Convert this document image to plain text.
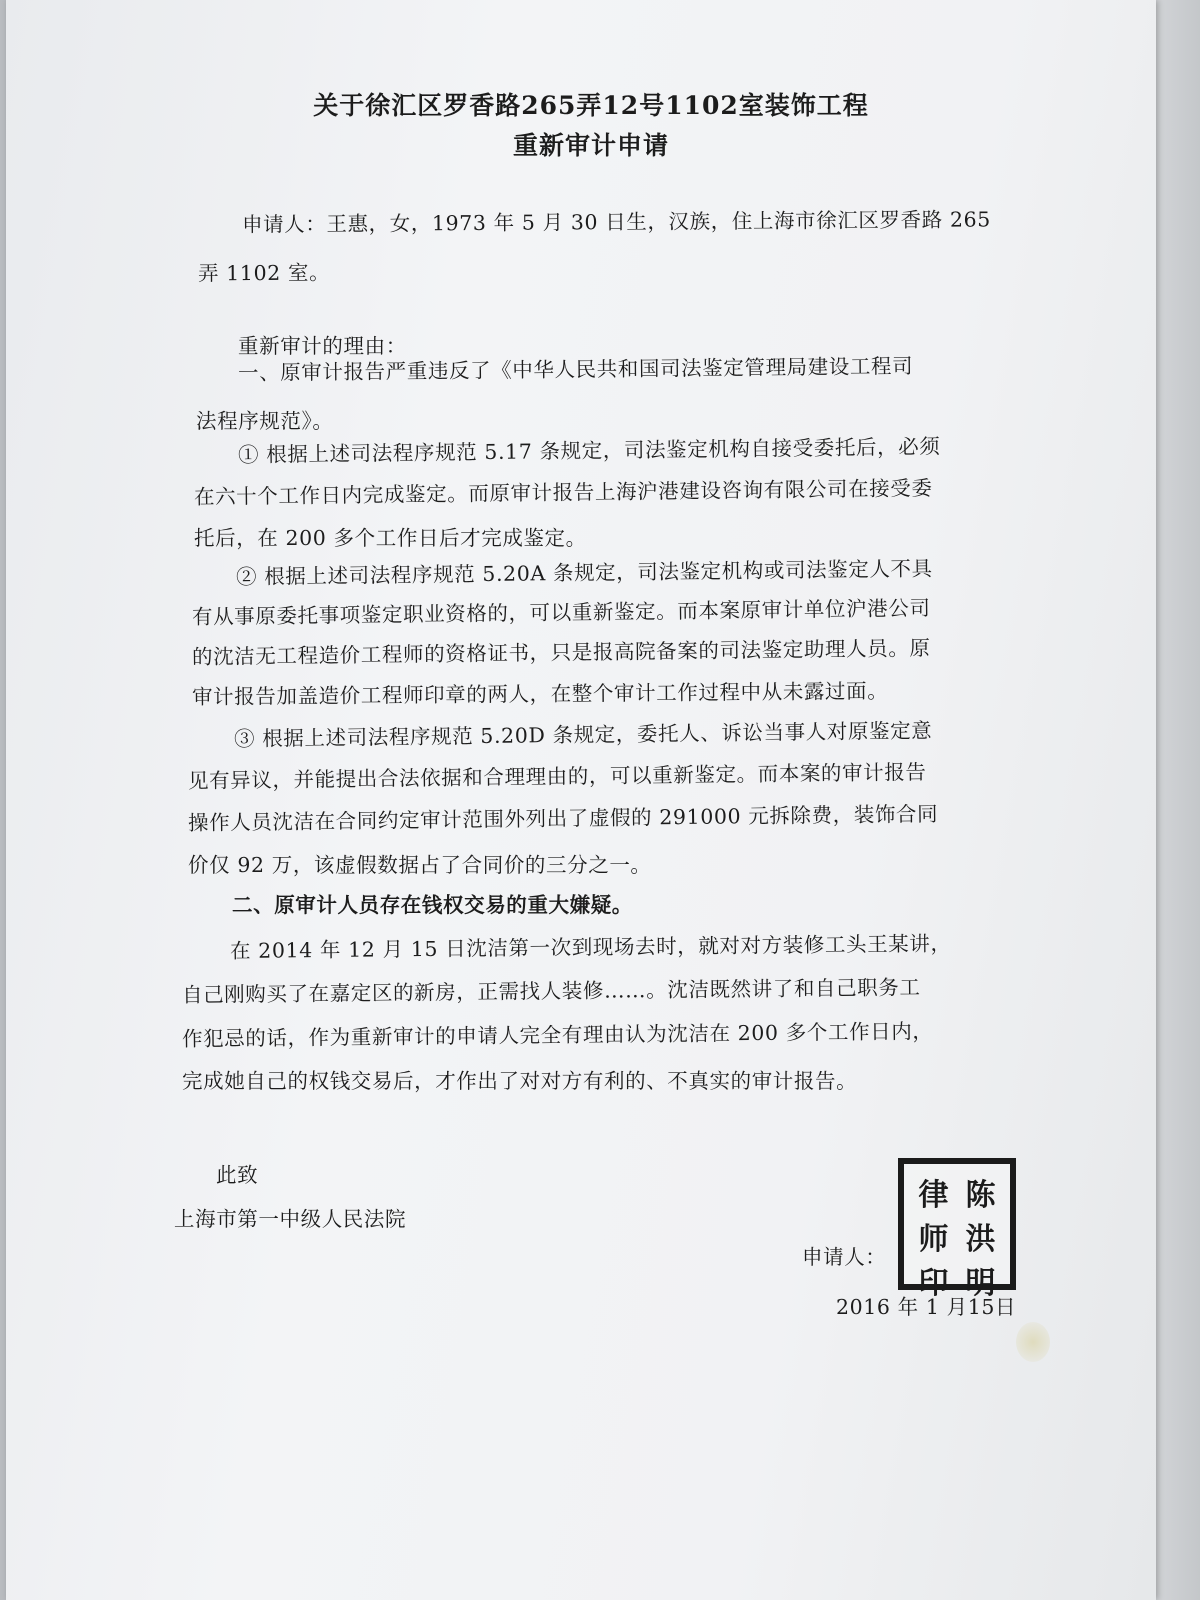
关于徐汇区罗香路265弄12号1102室装饰工程
重新审计申请
申请人：王惠，女，1973 年 5 月 30 日生，汉族，住上海市徐汇区罗香路 265
弄 1102 室。
重新审计的理由：
一、原审计报告严重违反了《中华人民共和国司法鉴定管理局建设工程司
法程序规范》。
① 根据上述司法程序规范 5.17 条规定，司法鉴定机构自接受委托后，必须
在六十个工作日内完成鉴定。而原审计报告上海沪港建设咨询有限公司在接受委
托后，在 200 多个工作日后才完成鉴定。
② 根据上述司法程序规范 5.20A 条规定，司法鉴定机构或司法鉴定人不具
有从事原委托事项鉴定职业资格的，可以重新鉴定。而本案原审计单位沪港公司
的沈洁无工程造价工程师的资格证书，只是报高院备案的司法鉴定助理人员。原
审计报告加盖造价工程师印章的两人，在整个审计工作过程中从未露过面。
③ 根据上述司法程序规范 5.20D 条规定，委托人、诉讼当事人对原鉴定意
见有异议，并能提出合法依据和合理理由的，可以重新鉴定。而本案的审计报告
操作人员沈洁在合同约定审计范围外列出了虚假的 291000 元拆除费，装饰合同
价仅 92 万，该虚假数据占了合同价的三分之一。
二、原审计人员存在钱权交易的重大嫌疑。
在 2014 年 12 月 15 日沈洁第一次到现场去时，就对对方装修工头王某讲，
自己刚购买了在嘉定区的新房，正需找人装修……。沈洁既然讲了和自己职务工
作犯忌的话，作为重新审计的申请人完全有理由认为沈洁在 200 多个工作日内，
完成她自己的权钱交易后，才作出了对对方有利的、不真实的审计报告。
此致
上海市第一中级人民法院
申请人：
2016 年 1 月15日
律
师
印
陈
洪
明
